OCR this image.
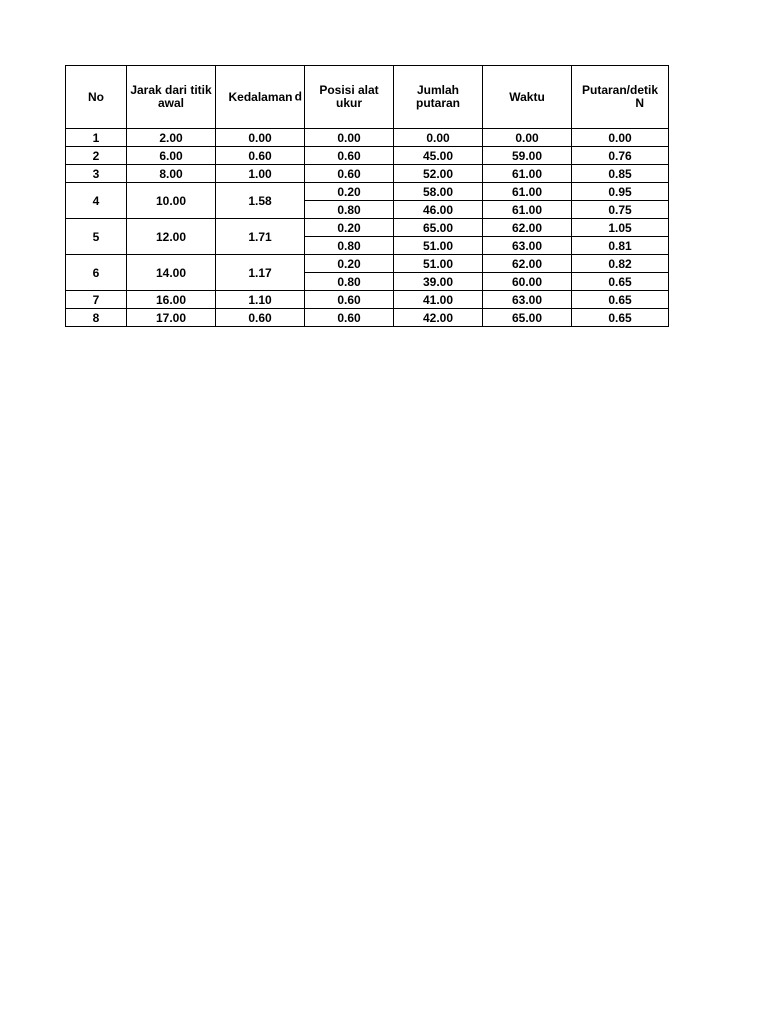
No	Jarak dari titik awal	Kedalaman d	Posisi alat ukur	Jumlah putaran	Waktu	Putaran/detik
N

1	2.00	0.00	0.00	0.00	0.00	0.00
2	6.00	0.60	0.60	45.00	59.00	0.76
3	8.00	1.00	0.60	52.00	61.00	0.85
4	10.00	1.58	0.20	58.00	61.00	0.95
			0.80	46.00	61.00	0.75
5	12.00	1.71	0.20	65.00	62.00	1.05
			0.80	51.00	63.00	0.81
6	14.00	1.17	0.20	51.00	62.00	0.82
			0.80	39.00	60.00	0.65
7	16.00	1.10	0.60	41.00	63.00	0.65
8	17.00	0.60	0.60	42.00	65.00	0.65
